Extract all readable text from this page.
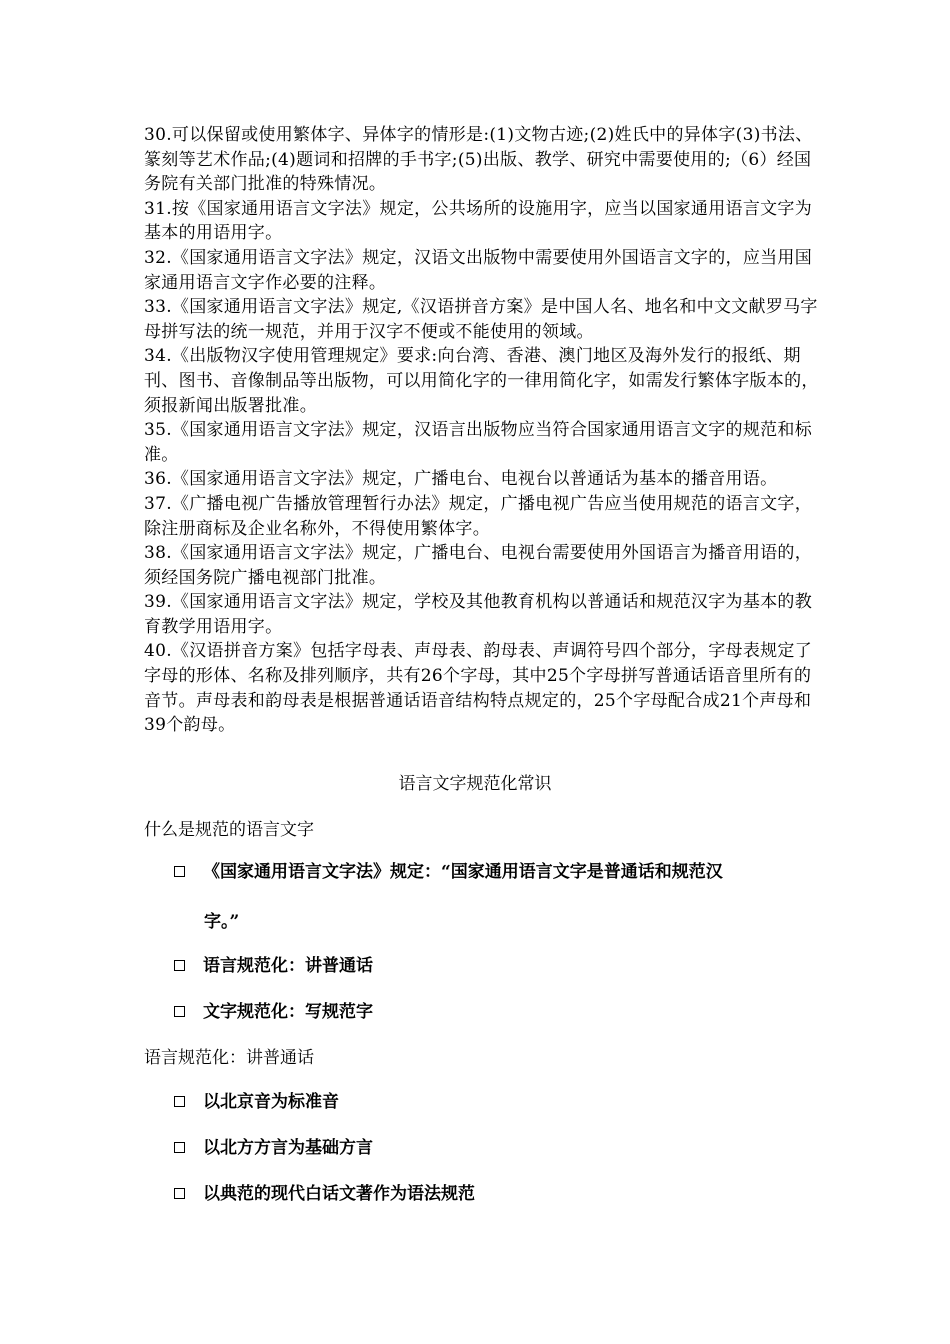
30.可以保留或使用繁体字、异体字的情形是:(1)文物古迹;(2)姓氏中的异体字(3)书法、篆刻等艺术作品;(4)题词和招牌的手书字;(5)出版、教学、研究中需要使用的;（6）经国务院有关部门批准的特殊情况。

31.按《国家通用语言文字法》规定，公共场所的设施用字，应当以国家通用语言文字为基本的用语用字。

32.《国家通用语言文字法》规定，汉语文出版物中需要使用外国语言文字的，应当用国家通用语言文字作必要的注释。

33.《国家通用语言文字法》规定,《汉语拼音方案》是中国人名、地名和中文文献罗马字母拼写法的统一规范，并用于汉字不便或不能使用的领域。

34.《出版物汉字使用管理规定》要求:向台湾、香港、澳门地区及海外发行的报纸、期刊、图书、音像制品等出版物，可以用简化字的一律用简化字，如需发行繁体字版本的，须报新闻出版署批准。

35.《国家通用语言文字法》规定，汉语言出版物应当符合国家通用语言文字的规范和标准。

36.《国家通用语言文字法》规定，广播电台、电视台以普通话为基本的播音用语。

37.《广播电视广告播放管理暂行办法》规定，广播电视广告应当使用规范的语言文字，除注册商标及企业名称外，不得使用繁体字。

38.《国家通用语言文字法》规定，广播电台、电视台需要使用外国语言为播音用语的，须经国务院广播电视部门批准。

39.《国家通用语言文字法》规定，学校及其他教育机构以普通话和规范汉字为基本的教育教学用语用字。

40.《汉语拼音方案》包括字母表、声母表、韵母表、声调符号四个部分，字母表规定了字母的形体、名称及排列顺序，共有26个字母，其中25个字母拼写普通话语音里所有的音节。声母表和韵母表是根据普通话语音结构特点规定的，25个字母配合成21个声母和39个韵母。

语言文字规范化常识
什么是规范的语言文字
《国家通用语言文字法》规定：“国家通用语言文字是普通话和规范汉
字。”
语言规范化：讲普通话
文字规范化：写规范字
语言规范化：讲普通话
以北京音为标准音
以北方方言为基础方言
以典范的现代白话文著作为语法规范
